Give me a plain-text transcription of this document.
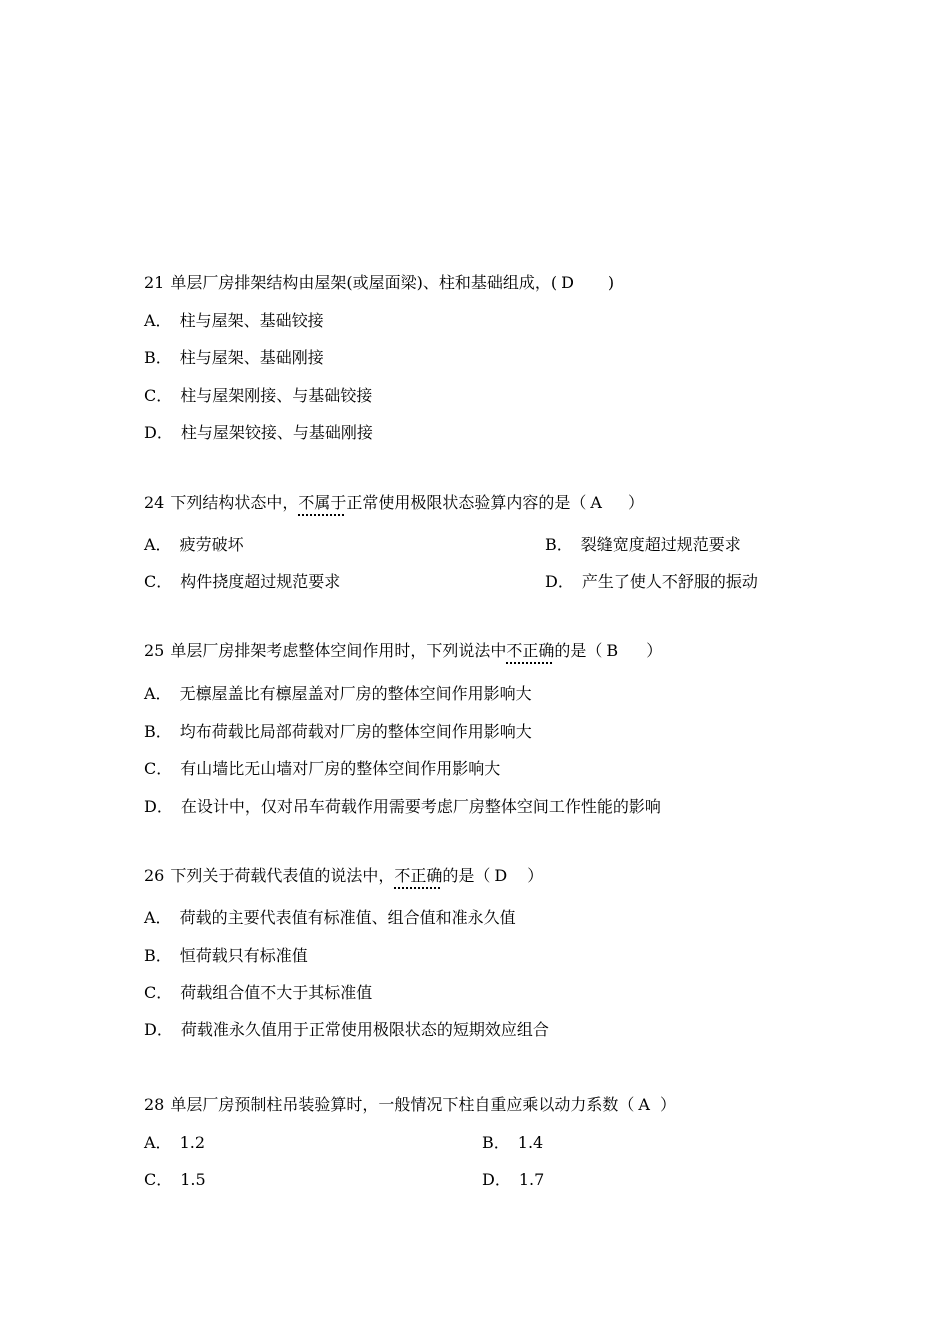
21 单层厂房排架结构由屋架(或屋面梁)、柱和基础组成，( D )
A． 柱与屋架、基础铰接
B． 柱与屋架、基础刚接
C． 柱与屋架刚接、与基础铰接
D． 柱与屋架铰接、与基础刚接
24 下列结构状态中，不属于正常使用极限状态验算内容的是（ A ）
A． 疲劳破坏	B． 裂缝宽度超过规范要求
C． 构件挠度超过规范要求	D． 产生了使人不舒服的振动
25 单层厂房排架考虑整体空间作用时，下列说法中不正确的是（ B ）
A． 无檩屋盖比有檩屋盖对厂房的整体空间作用影响大
B． 均布荷载比局部荷载对厂房的整体空间作用影响大
C． 有山墙比无山墙对厂房的整体空间作用影响大
D． 在设计中，仅对吊车荷载作用需要考虑厂房整体空间工作性能的影响
26 下列关于荷载代表值的说法中，不正确的是（ D ）
A． 荷载的主要代表值有标准值、组合值和准永久值
B． 恒荷载只有标准值
C． 荷载组合值不大于其标准值
D． 荷载准永久值用于正常使用极限状态的短期效应组合
28 单层厂房预制柱吊装验算时，一般情况下柱自重应乘以动力系数（ A ）
A． 1.2	B． 1.4
C． 1.5	D． 1.7
